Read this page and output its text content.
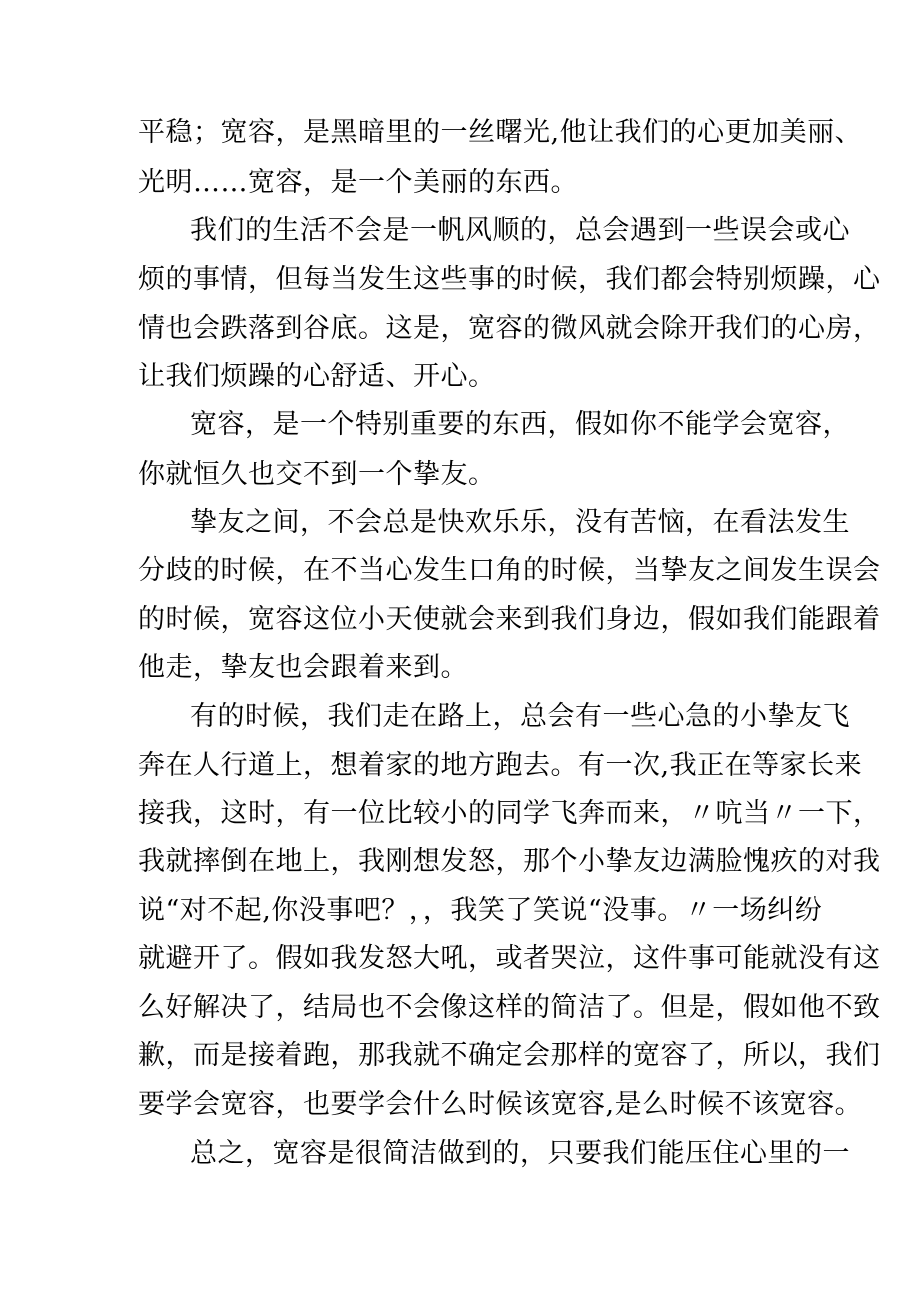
平稳；宽容，是黑暗里的一丝曙光,他让我们的心更加美丽、

光明……宽容，是一个美丽的东西。

我们的生活不会是一帆风顺的，总会遇到一些误会或心

烦的事情，但每当发生这些事的时候，我们都会特别烦躁，心

情也会跌落到谷底。这是，宽容的微风就会除开我们的心房，

让我们烦躁的心舒适、开心。

宽容，是一个特别重要的东西，假如你不能学会宽容，

你就恒久也交不到一个挚友。

挚友之间，不会总是快欢乐乐，没有苦恼，在看法发生

分歧的时候，在不当心发生口角的时候，当挚友之间发生误会

的时候，宽容这位小天使就会来到我们身边，假如我们能跟着

他走，挚友也会跟着来到。

有的时候，我们走在路上，总会有一些心急的小挚友飞

奔在人行道上，想着家的地方跑去。有一次,我正在等家长来

接我，这时，有一位比较小的同学飞奔而来，〃吭当〃一下，

我就摔倒在地上，我刚想发怒，那个小挚友边满脸愧疚的对我

说“对不起,你没事吧？，，我笑了笑说“没事。〃一场纠纷

就避开了。假如我发怒大吼，或者哭泣，这件事可能就没有这

么好解决了，结局也不会像这样的简洁了。但是，假如他不致

歉，而是接着跑，那我就不确定会那样的宽容了，所以，我们

要学会宽容，也要学会什么时候该宽容,是么时候不该宽容。

总之，宽容是很简洁做到的，只要我们能压住心里的一
